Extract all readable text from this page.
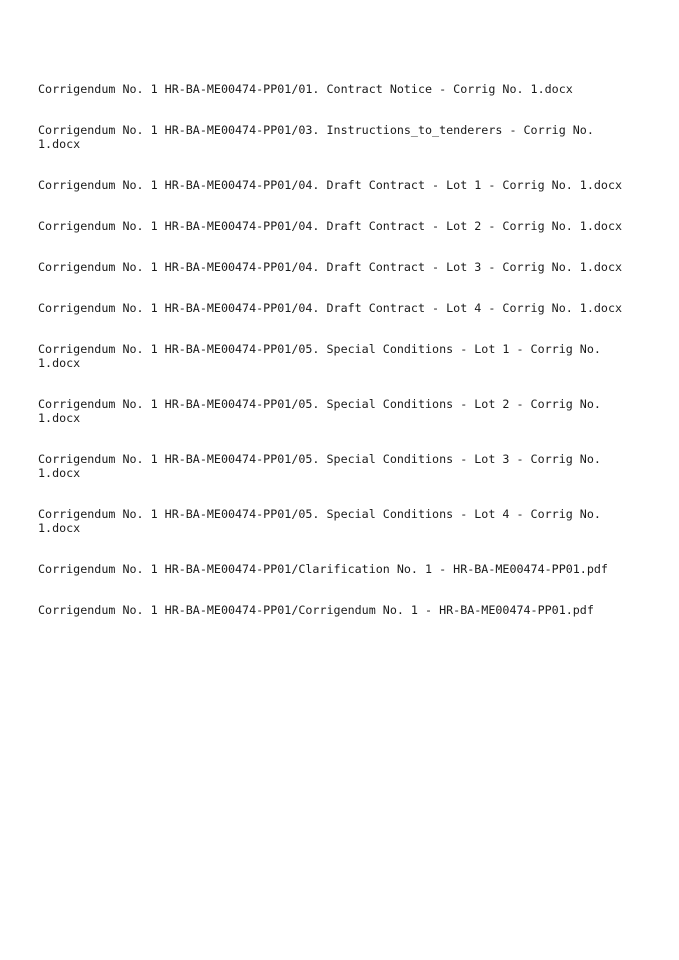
Corrigendum No. 1 HR-BA-ME00474-PP01/01. Contract Notice - Corrig No. 1.docx
Corrigendum No. 1 HR-BA-ME00474-PP01/03. Instructions_to_tenderers - Corrig No. 1.docx
Corrigendum No. 1 HR-BA-ME00474-PP01/04. Draft Contract - Lot 1 - Corrig No. 1.docx
Corrigendum No. 1 HR-BA-ME00474-PP01/04. Draft Contract - Lot 2 - Corrig No. 1.docx
Corrigendum No. 1 HR-BA-ME00474-PP01/04. Draft Contract - Lot 3 - Corrig No. 1.docx
Corrigendum No. 1 HR-BA-ME00474-PP01/04. Draft Contract - Lot 4 - Corrig No. 1.docx
Corrigendum No. 1 HR-BA-ME00474-PP01/05. Special Conditions - Lot 1 - Corrig No. 1.docx
Corrigendum No. 1 HR-BA-ME00474-PP01/05. Special Conditions - Lot 2 - Corrig No. 1.docx
Corrigendum No. 1 HR-BA-ME00474-PP01/05. Special Conditions - Lot 3 - Corrig No. 1.docx
Corrigendum No. 1 HR-BA-ME00474-PP01/05. Special Conditions - Lot 4 - Corrig No. 1.docx
Corrigendum No. 1 HR-BA-ME00474-PP01/Clarification No. 1 - HR-BA-ME00474-PP01.pdf
Corrigendum No. 1 HR-BA-ME00474-PP01/Corrigendum No. 1 - HR-BA-ME00474-PP01.pdf
